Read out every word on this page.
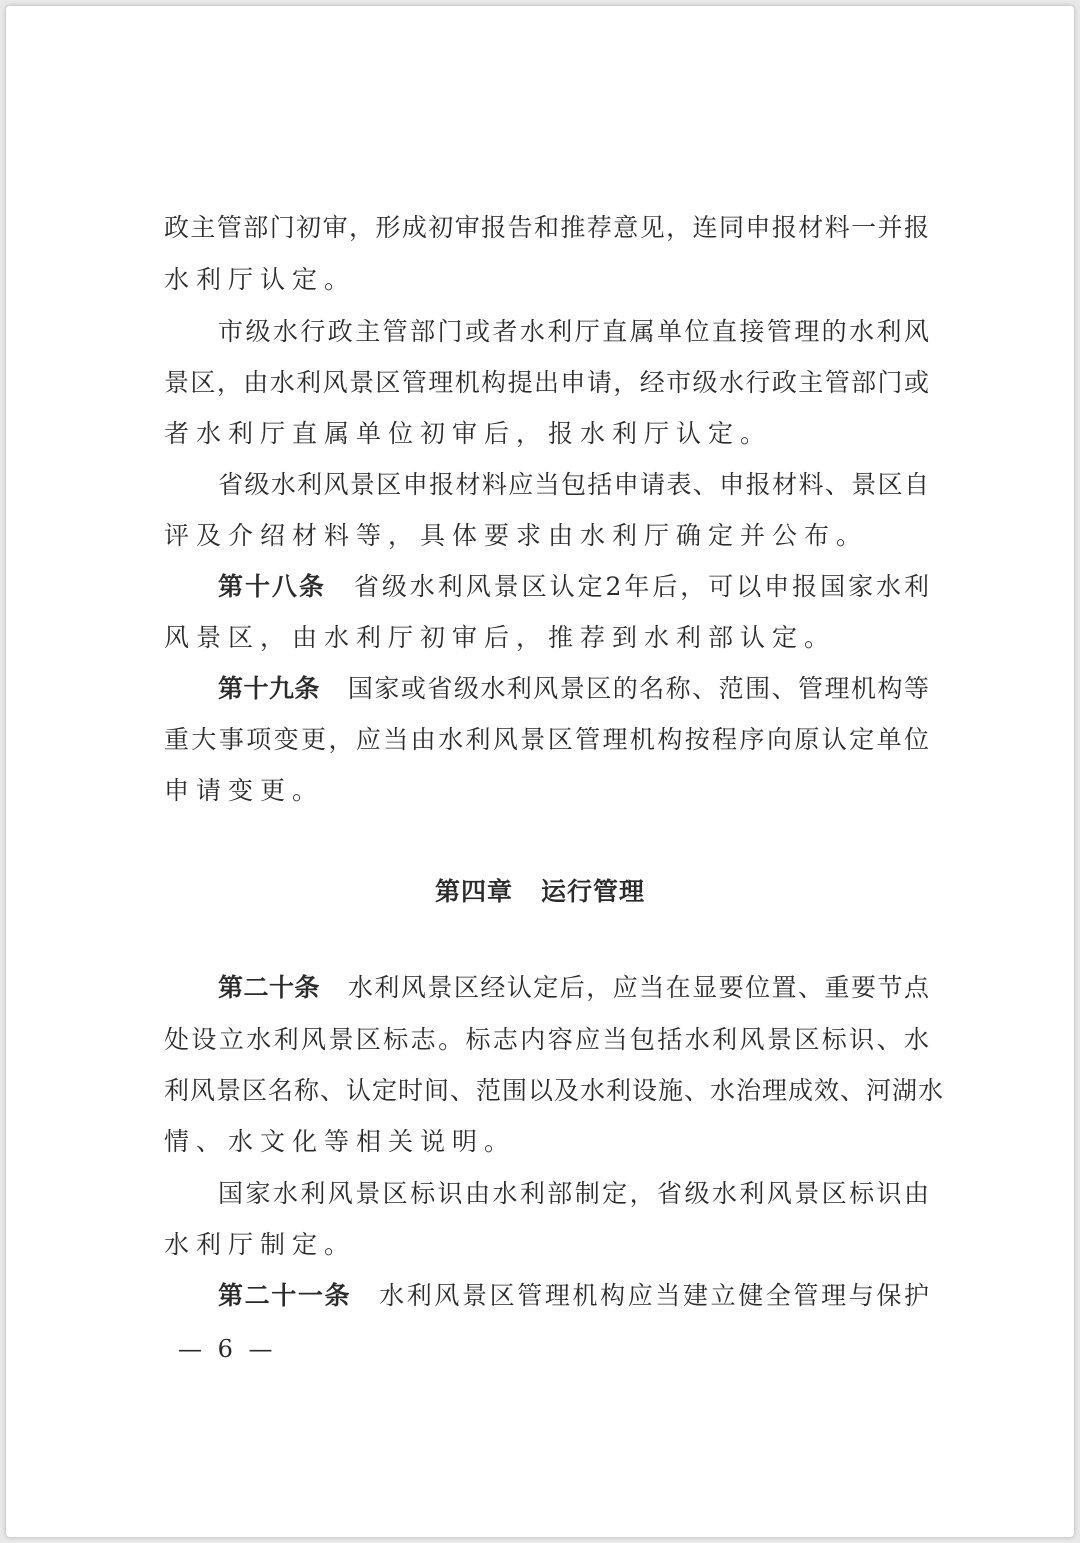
政主管部门初审，形成初审报告和推荐意见，连同申报材料一并报
水利厅认定。
市级水行政主管部门或者水利厅直属单位直接管理的水利风
景区，由水利风景区管理机构提出申请，经市级水行政主管部门或
者水利厅直属单位初审后，报水利厅认定。
省级水利风景区申报材料应当包括申请表、申报材料、景区自
评及介绍材料等，具体要求由水利厅确定并公布。
第十八条 省级水利风景区认定2年后，可以申报国家水利
风景区，由水利厅初审后，推荐到水利部认定。
第十九条 国家或省级水利风景区的名称、范围、管理机构等
重大事项变更，应当由水利风景区管理机构按程序向原认定单位
申请变更。
第四章 运行管理
第二十条 水利风景区经认定后，应当在显要位置、重要节点
处设立水利风景区标志。标志内容应当包括水利风景区标识、水
利风景区名称、认定时间、范围以及水利设施、水治理成效、河湖水
情、水文化等相关说明。
国家水利风景区标识由水利部制定，省级水利风景区标识由
水利厅制定。
第二十一条 水利风景区管理机构应当建立健全管理与保护
— 6 —
